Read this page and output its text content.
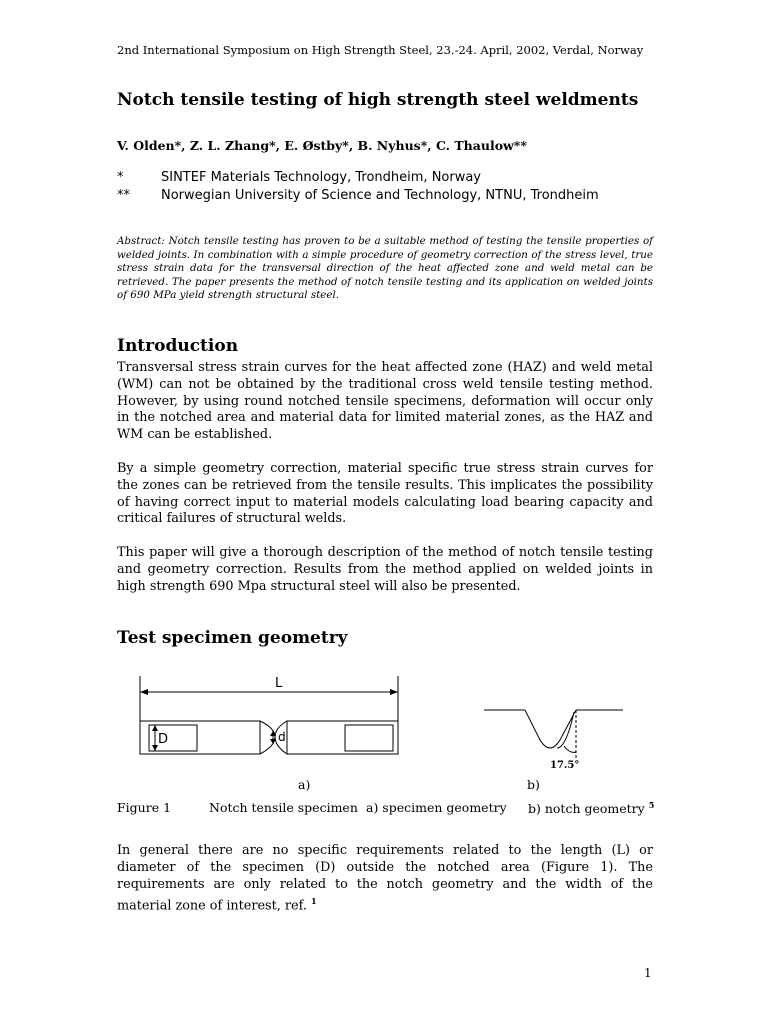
2nd International Symposium on High Strength Steel, 23.-24. April, 2002, Verdal, Norway
Notch tensile testing of high strength steel weldments
V. Olden*, Z. L. Zhang*, E. Østby*, B. Nyhus*, C. Thaulow**
*	SINTEF Materials Technology, Trondheim, Norway
** Norwegian University of Science and Technology, NTNU, Trondheim
Abstract: Notch tensile testing has proven to be a suitable method of testing the tensile properties of welded joints. In combination with a simple procedure of geometry correction of the stress level, true stress strain data for the transversal direction of the heat affected zone and weld metal can be retrieved. The paper presents the method of notch tensile testing and its application on welded joints of 690 MPa yield strength structural steel.
Introduction
Transversal stress strain curves for the heat affected zone (HAZ) and weld metal (WM) can not be obtained by the traditional cross weld tensile testing method. However, by using round notched tensile specimens, deformation will occur only in the notched area and material data for limited material zones, as the HAZ and WM can be established.
By a simple geometry correction, material specific true stress strain curves for the zones can be retrieved from the tensile results. This implicates the possibility of having correct input to material models calculating load bearing capacity and critical failures of structural welds.
This paper will give a thorough description of the method of notch tensile testing and geometry correction. Results from the method applied on welded joints in high strength 690 Mpa structural steel will also be presented.
Test specimen geometry
L
D	d
17.5°
a)	b)
Figure 1	Notch tensile specimen a) specimen geometry b) notch geometry $^5$
In general there are no specific requirements related to the length (L) or diameter of the specimen (D) outside the notched area (Figure 1). The requirements are only related to the notch geometry and the width of the material zone of interest, ref. $^1$
1
